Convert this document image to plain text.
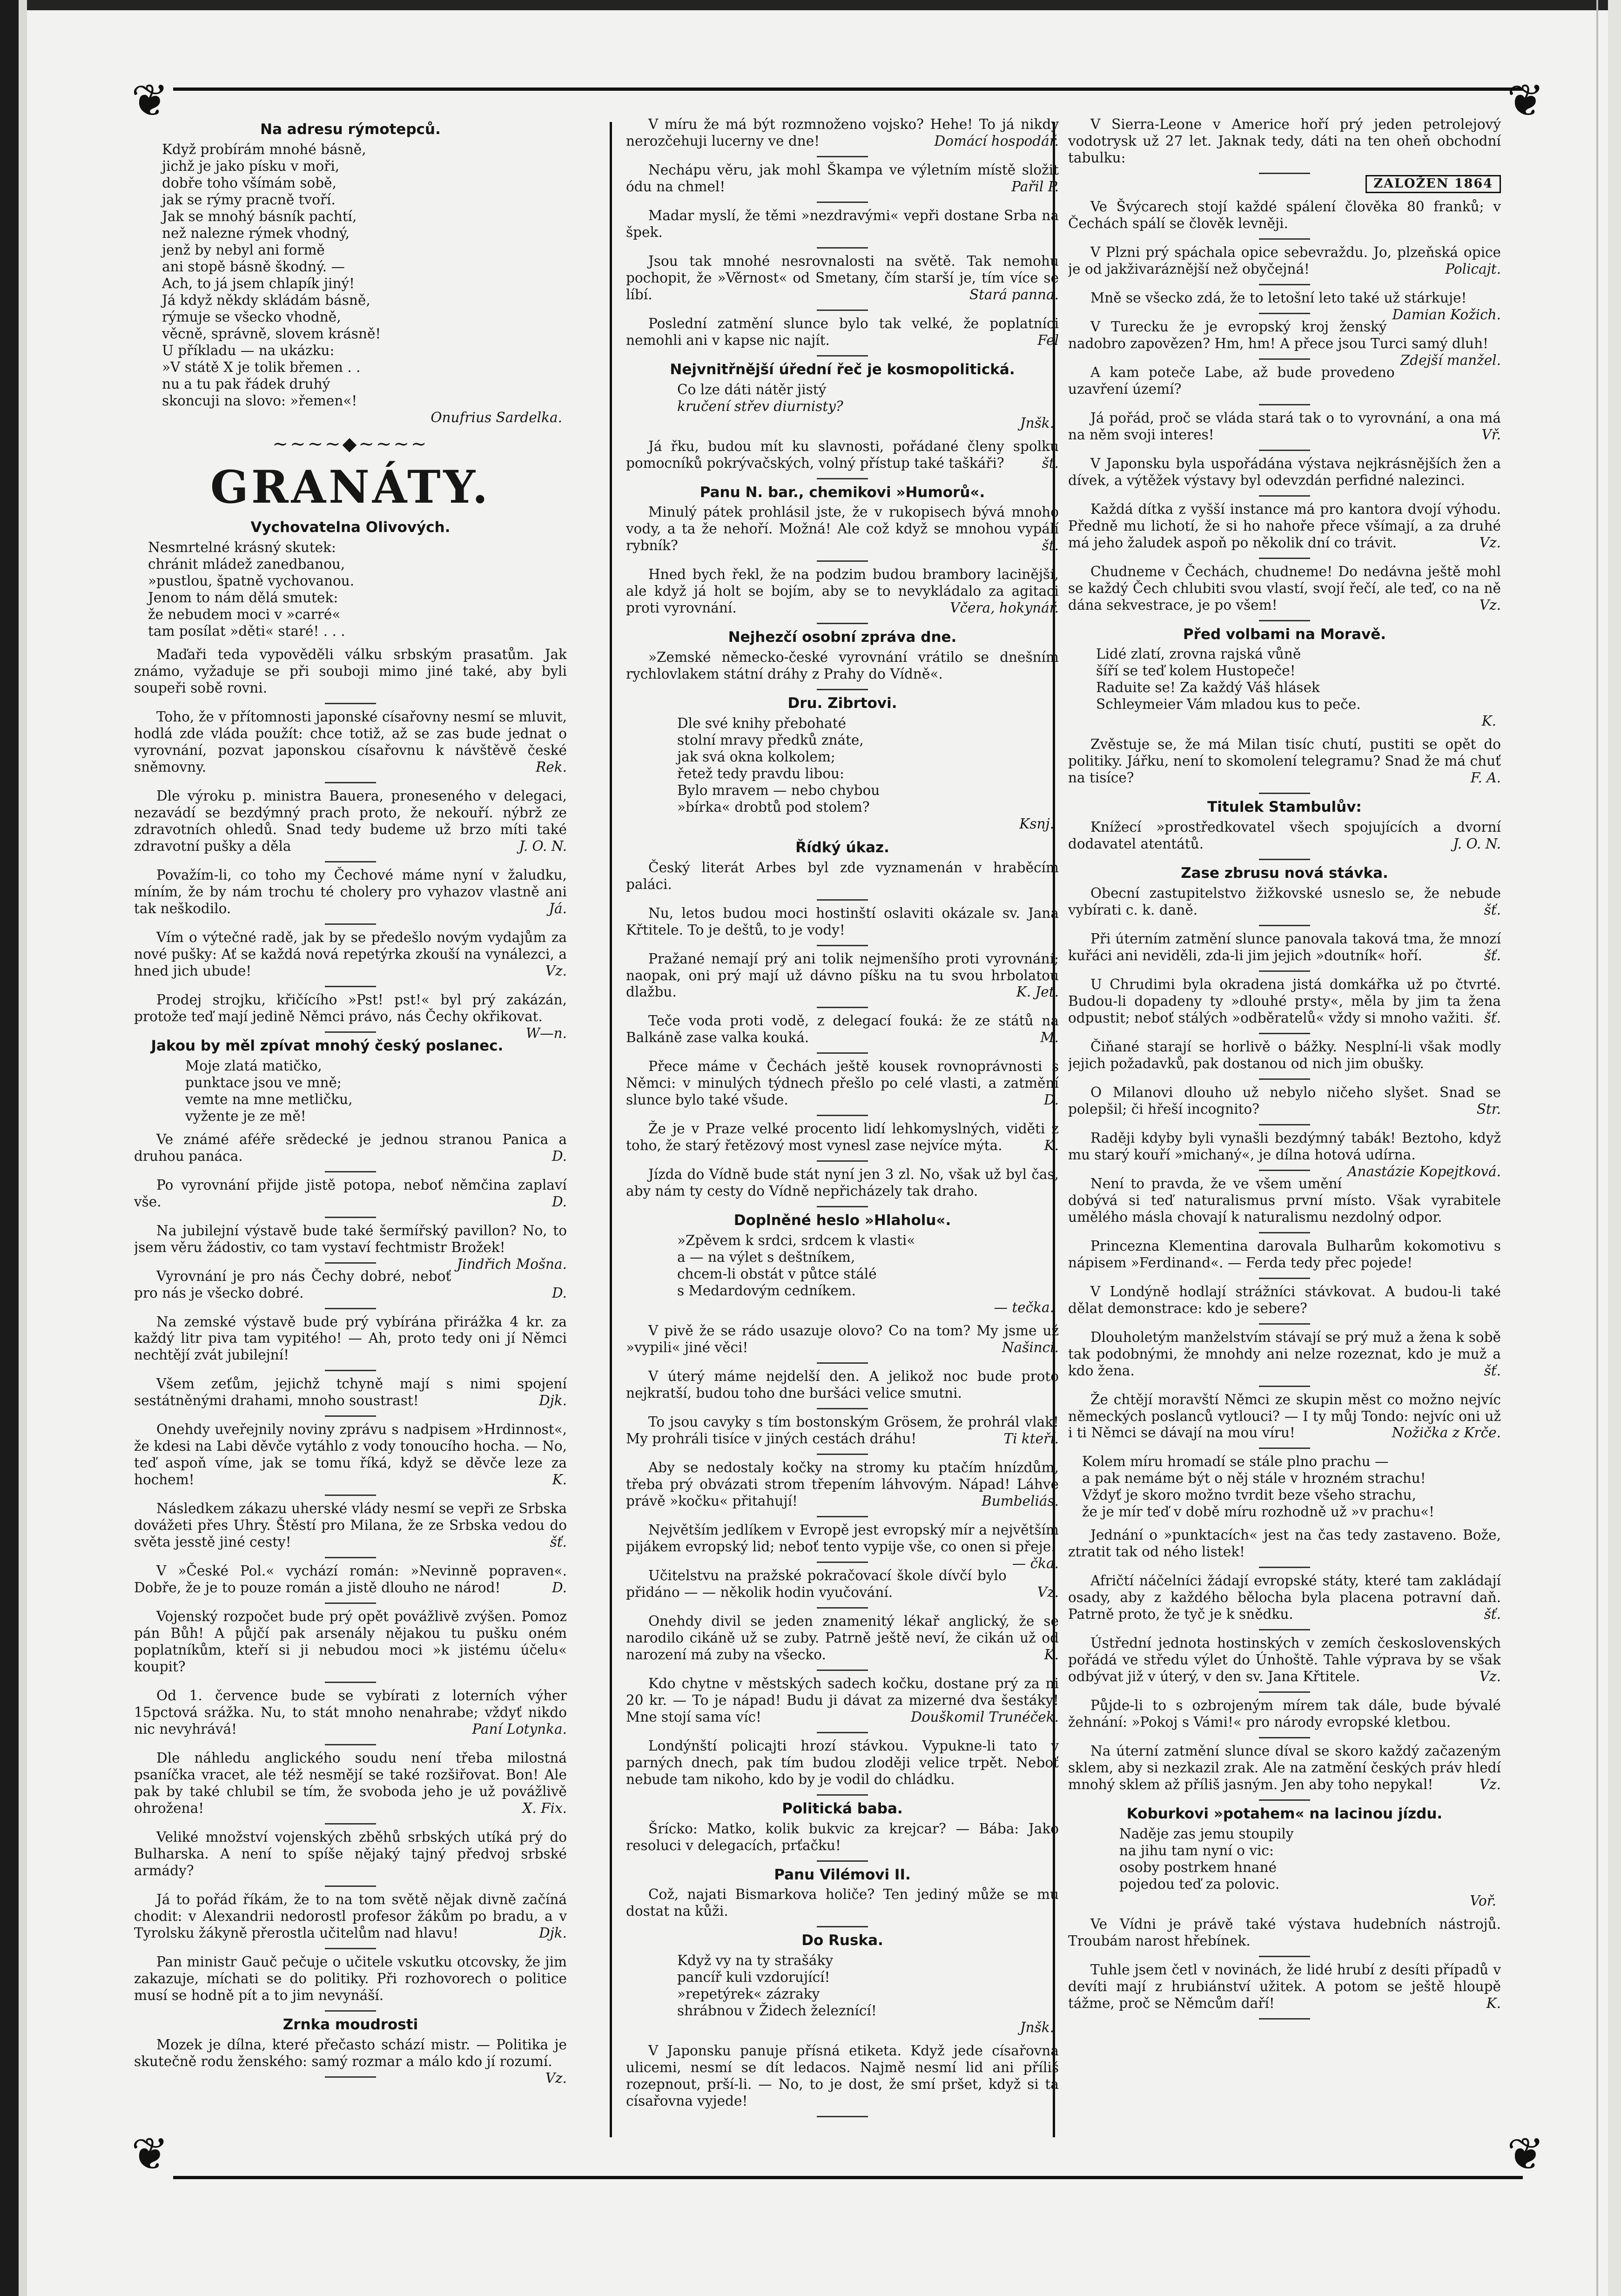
❦	❦
❦	❦
Na adresu rýmotepců.
Když probírám mnohé básně,
jichž je jako písku v moři,
dobře toho všímám sobě,
jak se rýmy pracně tvoří.
Jak se mnohý básník pachtí,
než nalezne rýmek vhodný,
jenž by nebyl ani formě
ani stopě básně škodný. —
Ach, to já jsem chlapík jiný!
Já když někdy skládám básně,
rýmuje se všecko vhodně,
věcně, správně, slovem krásně!
U příkladu — na ukázku:
»V státě X je tolik břemen . .
nu a tu pak řádek druhý
skoncuji na slovo: »řemen«!
Onufrius Sardelka.
~~~~◆~~~~
GRANÁTY.
Vychovatelna Olivových.
Nesmrtelné krásný skutek:
chránit mládež zanedbanou,
»pustlou, špatně vychovanou.
Jenom to nám dělá smutek:
že nebudem moci v »carré«
tam posílat »děti« staré! . . .
Maďaři teda vypověděli válku srbským prasatům. Jak známo, vyžaduje se při souboji mimo jiné také, aby byli soupeři sobě rovni.
Toho, že v přítomnosti japonské císařovny nesmí se mluvit, hodlá zde vláda použít: chce totiž, až se zas bude jednat o vyrovnání, pozvat japonskou císařovnu k návštěvě české sněmovny.	Rek.
Dle výroku p. ministra Bauera, proneseného v delegaci, nezavádí se bezdýmný prach proto, že nekouří. nýbrž ze zdravotních ohledů. Snad tedy budeme už brzo míti také zdravotní pušky a děla	J. O. N.
Považím-li, co toho my Čechové máme nyní v žaludku, míním, že by nám trochu té cholery pro vyhazov vlastně ani tak neškodilo.	Já.
Vím o výtečné radě, jak by se předešlo novým vydajům za nové pušky: Ať se každá nová repetýrka zkouší na vynálezci, a hned jich ubude!	Vz.
Prodej strojku, křičícího »Pst! pst!« byl prý zakázán, protože teď mají jedině Němci právo, nás Čechy okřikovat.
W—n.
Jakou by měl zpívat mnohý český poslanec.
Moje zlatá matičko,
punktace jsou ve mně;
vemte na mne metličku,
vyžente je ze mě!
Ve známé aféře srědecké je jednou stranou Panica a druhou panáca.	D.
Po vyrovnání přijde jistě potopa, neboť němčina zaplaví vše.	D.
Na jubilejní výstavě bude také šermířský pavillon? No, to jsem věru žádostiv, co tam vystaví fechtmistr Brožek!
Jindřich Mošna.
Vyrovnání je pro nás Čechy dobré, neboť pro nás je všecko dobré.	D.
Na zemské výstavě bude prý vybírána přirážka 4 kr. za každý litr piva tam vypitého! — Ah, proto tedy oni jí Němci nechtějí zvát jubilejní!
Všem zeťům, jejichž tchyně mají s nimi spojení sestátněnými drahami, mnoho soustrast!	Djk.
Onehdy uveřejnily noviny zprávu s nadpisem »Hrdinnost«, že kdesi na Labi děvče vytáhlo z vody tonoucího hocha. — No, teď aspoň víme, jak se tomu říká, když se děvče leze za hochem!	K.
Následkem zákazu uherské vlády nesmí se vepři ze Srbska dovážeti přes Uhry. Štěstí pro Milana, že ze Srbska vedou do světa jesstě jiné cesty!	šť.
V »České Pol.« vychází román: »Nevinně popraven«. Dobře, že je to pouze román a jistě dlouho ne národ!	D.
Vojenský rozpočet bude prý opět povážlivě zvýšen. Pomoz pán Bůh! A půjčí pak arsenály nějakou tu pušku oném poplatníkům, kteří si ji nebudou moci »k jistému účelu« koupit?
Od 1. července bude se vybírati z loterních výher 15pctová srážka. Nu, to stát mnoho nenahrabe; vždyť nikdo nic nevyhrává!	Paní Lotynka.
Dle náhledu anglického soudu není třeba milostná psaníčka vracet, ale též nesmějí se také rozšiřovat. Bon! Ale pak by také chlubil se tím, že svoboda jeho je už povážlivě ohrožena!	X. Fix.
Veliké množství vojenských zběhů srbských utíká prý do Bulharska. A není to spíše nějaký tajný předvoj srbské armády?
Já to pořád říkám, že to na tom světě nějak divně začíná chodit: v Alexandrii nedorostl profesor žákům po bradu, a v Tyrolsku žákyně přerostla učitelům nad hlavu!	Djk.
Pan ministr Gauč pečuje o učitele vskutku otcovsky, že jim zakazuje, míchati se do politiky. Při rozhovorech o politice musí se hodně pít a to jim nevynáší.
Zrnka moudrosti
Mozek je dílna, které přečasto schází mistr. — Politika je skutečně rodu ženského: samý rozmar a málo kdo jí rozumí.
Vz.
V míru že má být rozmnoženo vojsko? Hehe! To já nikdy nerozčehuji lucerny ve dne!	Domácí hospodář.
Nechápu věru, jak mohl Škampa ve výletním místě složit ódu na chmel!	Pařil P.
Madar myslí, že těmi »nezdravými« vepři dostane Srba na špek.
Jsou tak mnohé nesrovnalosti na světě. Tak nemohu pochopit, že »Věrnost« od Smetany, čím starší je, tím více se líbí.	Stará panna.
Poslední zatmění slunce bylo tak velké, že poplatníci nemohli ani v kapse nic najít.	Fel
Nejvnitřnější úřední řeč je kosmopolitická.
Co lze dáti nátěr jistý
kručení střev diurnisty?
Jnšk.
Já řku, budou mít ku slavnosti, pořádané členy spolku pomocníků pokrývačských, volný přístup také taškáři?	šť.
Panu N. bar., chemikovi »Humorů«.
Minulý pátek prohlásil jste, že v rukopisech bývá mnoho vody, a ta že nehoří. Možná! Ale což když se mnohou vypálí rybník?	šť.
Hned bych řekl, že na podzim budou brambory lacinější, ale když já holt se bojím, aby se to nevykládalo za agitaci proti vyrovnání.	Včera, hokynář.
Nejhezčí osobní zpráva dne.
»Zemské německo-české vyrovnání vrátilo se dnešním rychlovlakem státní dráhy z Prahy do Vídně«.
Dru. Zibrtovi.
Dle své knihy přebohaté
stolní mravy předků znáte,
jak svá okna kolkolem;
řetež tedy pravdu libou:
Bylo mravem — nebo chybou
»bírka« drobtů pod stolem?
Ksnj.
Řídký úkaz.
Český literát Arbes byl zde vyznamenán v hraběcím paláci.
Nu, letos budou moci hostinští oslaviti okázale sv. Jana Křtitele. To je deštů, to je vody!
Pražané nemají prý ani tolik nejmenšího proti vyrovnání; naopak, oni prý mají už dávno píšku na tu svou hrbolatou dlažbu.	K. Jet.
Teče voda proti vodě, z delegací fouká: že ze států na Balkáně zase valka kouká.	M.
Přece máme v Čechách ještě kousek rovnoprávnosti s Němci: v minulých týdnech přešlo po celé vlasti, a zatmění slunce bylo také všude.	D.
Že je v Praze velké procento lidí lehkomyslných, viděti z toho, že starý řetězový most vynesl zase nejvíce mýta.	K.
Jízda do Vídně bude stát nyní jen 3 zl. No, však už byl čas, aby nám ty cesty do Vídně nepřicházely tak draho.
Doplněné heslo »Hlaholu«.
»Zpěvem k srdci, srdcem k vlasti«
a — na výlet s deštníkem,
chcem-li obstát v půtce stálé
s Medardovým cedníkem.
— tečka.
V pivě že se rádo usazuje olovo? Co na tom? My jsme už »vypili« jiné věci!	Našinci.
V úterý máme nejdelší den. A jelikož noc bude proto nejkratší, budou toho dne buršáci velice smutni.
To jsou cavyky s tím bostonským Grösem, že prohrál vlak! My prohráli tisíce v jiných cestách dráhu!	Ti kteří.
Aby se nedostaly kočky na stromy ku ptačím hnízdům, třeba prý obvázati strom třepením láhvovým. Nápad! Láhve právě »kočku« přitahují!	Bumbeliás.
Největším jedlíkem v Evropě jest evropský mír a největším pijákem evropský lid; neboť tento vypije vše, co onen si přeje.
— čka.
Učitelstvu na pražské pokračovací škole dívčí bylo přidáno — — několik hodin vyučování.	Vz.
Onehdy divil se jeden znamenitý lékař anglický, že se narodilo cikáně už se zuby. Patrně ještě neví, že cikán už od narození má zuby na všecko.	K.
Kdo chytne v městských sadech kočku, dostane prý za ni 20 kr. — To je nápad! Budu ji dávat za mizerné dva šestáky! Mne stojí sama víc!	Douškomil Trunéček.
Londýnští policajti hrozí stávkou. Vypukne-li tato v parných dnech, pak tím budou zloději velice trpět. Neboť nebude tam nikoho, kdo by je vodil do chládku.
Politická baba.
Šrícko: Matko, kolik bukvic za krejcar? — Bába: Jako resoluci v delegacích, prťačku!
Panu Vilémovi II.
Což, najati Bismarkova holiče? Ten jediný může se mu dostat na kůži.
Do Ruska.
Když vy na ty strašáky
pancíř kuli vzdorující!
»repetýrek« zázraky
shrábnou v Židech železnící!
Jnšk.
V Japonsku panuje přísná etiketa. Když jede císařovna ulicemi, nesmí se dít ledacos. Najmě nesmí lid ani příliš rozepnout, prší-li. — No, to je dost, že smí pršet, když si ta císařovna vyjede!
V Sierra-Leone v Americe hoří prý jeden petrolejový vodotrysk už 27 let. Jaknak tedy, dáti na ten oheň obchodní tabulku:
ZALOŽEN 1864
Ve Švýcarech stojí každé spálení člověka 80 franků; v Čechách spálí se člověk levněji.
V Plzni prý spáchala opice sebevraždu. Jo, plzeňská opice je od jakživaráznější než obyčejná!	Policajt.
Mně se všecko zdá, že to letošní leto také už stárkuje!
Damian Kožich.
V Turecku že je evropský kroj ženský nadobro zapovězen? Hm, hm! A přece jsou Turci samý dluh!
Zdejší manžel.
A kam poteče Labe, až bude provedeno uzavření území?
Já pořád, proč se vláda stará tak o to vyrovnání, a ona má na něm svoji interes!	Vř.
V Japonsku byla uspořádána výstava nejkrásnějších žen a dívek, a výtěžek výstavy byl odevzdán perfidné nalezinci.
Každá dítka z vyšší instance má pro kantora dvojí výhodu. Předně mu lichotí, že si ho nahoře přece všímají, a za druhé má jeho žaludek aspoň po několik dní co trávit.	Vz.
Chudneme v Čechách, chudneme! Do nedávna ještě mohl se každý Čech chlubiti svou vlastí, svojí řečí, ale teď, co na ně dána sekvestrace, je po všem!	Vz.
Před volbami na Moravě.
Lidé zlatí, zrovna rajská vůně
šíří se teď kolem Hustopeče!
Raduite se! Za každý Váš hlásek
Schleymeier Vám mladou kus to peče.
K.
Zvěstuje se, že má Milan tisíc chutí, pustiti se opět do politiky. Jářku, není to skomolení telegramu? Snad že má chuť na tisíce?	F. A.
Titulek Stambulův:
Knížecí »prostředkovatel všech spojujících a dvorní dodavatel atentátů.	J. O. N.
Zase zbrusu nová stávka.
Obecní zastupitelstvo žižkovské usneslo se, že nebude vybírati c. k. daně.	šť.
Při úterním zatmění slunce panovala taková tma, že mnozí kuřáci ani neviděli, zda-li jim jejich »doutník« hoří.	šť.
U Chrudimi byla okradena jistá domkářka už po čtvrté. Budou-li dopadeny ty »dlouhé prsty«, měla by jim ta žena odpustit; neboť stálých »odběratelů« vždy si mnoho važiti. šť.
Čiňané starají se horlivě o bážky. Nesplní-li však modly jejich požadavků, pak dostanou od nich jim obušky.
O Milanovi dlouho už nebylo ničeho slyšet. Snad se polepšil; či hřeší incognito?	Str.
Raději kdyby byli vynašli bezdýmný tabák! Beztoho, když mu starý kouří »michaný«, je dílna hotová udírna.
Anastázie Kopejtková.
Není to pravda, že ve všem umění dobývá si teď naturalismus první místo. Však vyrabitele umělého másla chovají k naturalismu nezdolný odpor.
Princezna Klementina darovala Bulharům kokomotivu s nápisem »Ferdinand«. — Ferda tedy přec pojede!
V Londýně hodlají strážníci stávkovat. A budou-li také dělat demonstrace: kdo je sebere?
Dlouholetým manželstvím stávají se prý muž a žena k sobě tak podobnými, že mnohdy ani nelze rozeznat, kdo je muž a kdo žena.	šť.
Že chtějí moravští Němci ze skupin měst co možno nejvíc německých poslanců vytlouci? — I ty můj Tondo: nejvíc oni už i ti Němci se dávají na mou víru!	Nožička z Krče.
Kolem míru hromadí se stále plno prachu —
a pak nemáme být o něj stále v hrozném strachu!
Vždyť je skoro možno tvrdit beze všeho strachu,
že je mír teď v době míru rozhodně už »v prachu«!
Jednání o »punktacích« jest na čas tedy zastaveno. Bože, ztratit tak od ného listek!
Afričtí náčelníci žádají evropské státy, které tam zakládají osady, aby z každého bělocha byla placena potravní daň. Patrně proto, že tyč je k snědku.	šť.
Ústřední jednota hostinských v zemích československých pořádá ve středu výlet do Únhoště. Tahle výprava by se však odbývat již v úterý, v den sv. Jana Křtitele.	Vz.
Půjde-li to s ozbrojeným mírem tak dále, bude bývalé žehnání: »Pokoj s Vámi!« pro národy evropské kletbou.
Na úterní zatmění slunce díval se skoro každý začazeným sklem, aby si nezkazil zrak. Ale na zatmění českých práv hledí mnohý sklem až příliš jasným. Jen aby toho nepykal!	Vz.
Koburkovi »potahem« na lacinou jízdu.
Naděje zas jemu stoupily
na jihu tam nyní o vic:
osoby postrkem hnané
pojedou teď za polovic.
Voř.
Ve Vídni je právě také výstava hudebních nástrojů. Troubám narost hřebínek.
Tuhle jsem četl v novinách, že lidé hrubí z desíti případů v devíti mají z hrubiánství užitek. A potom se ještě hloupě tážme, proč se Němcům daří!	K.
